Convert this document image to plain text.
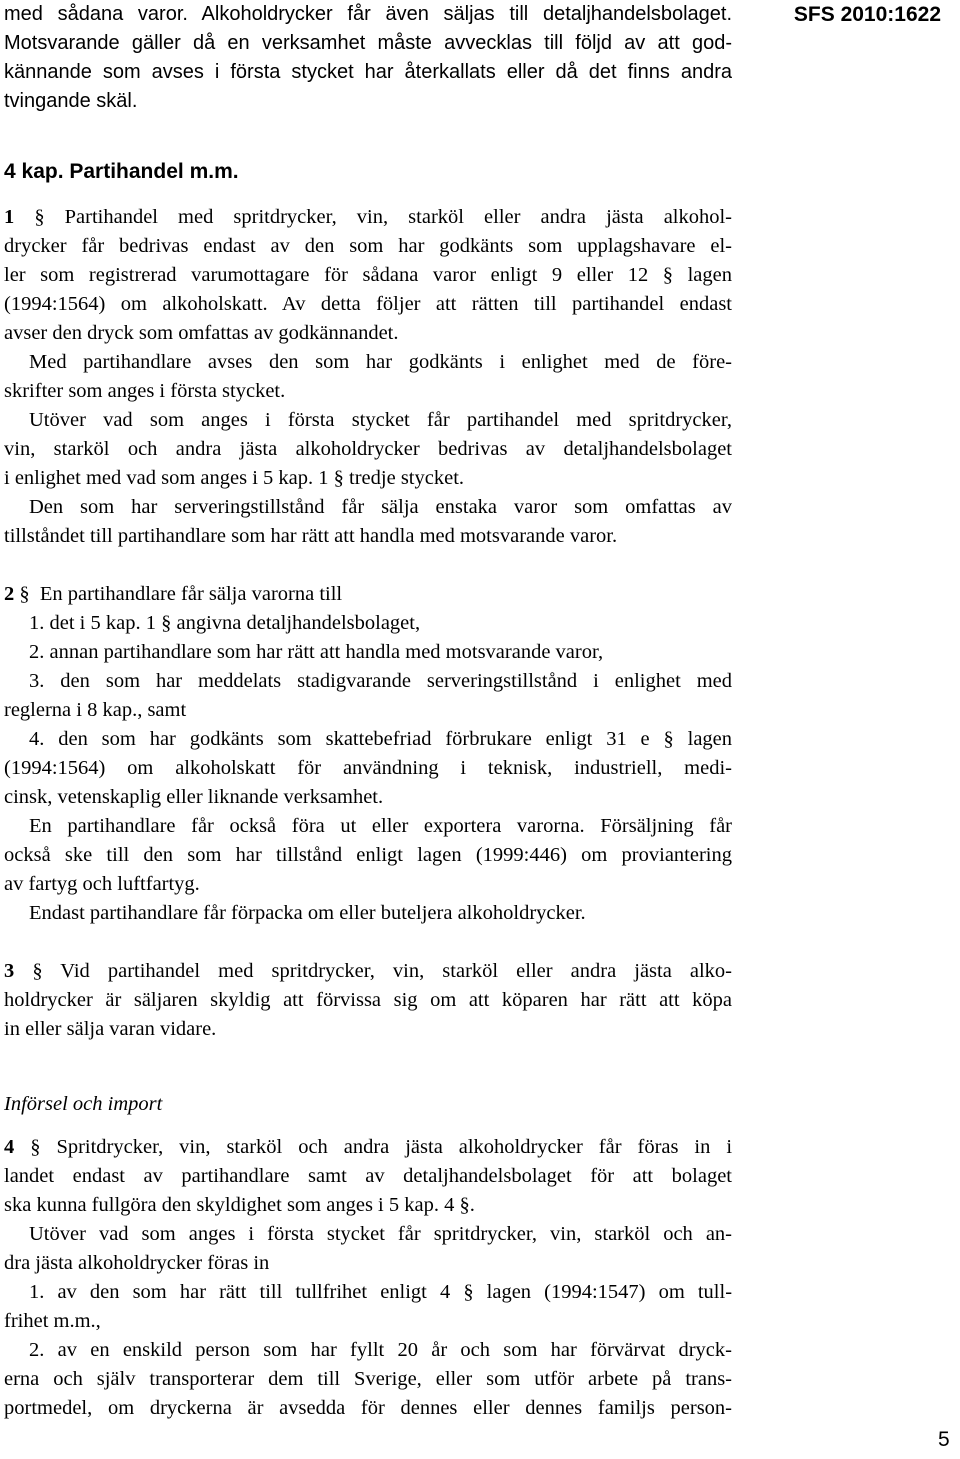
SFS 2010:1622
med sådana varor. Alkoholdrycker får även säljas till detaljhandelsbolaget.
Motsvarande gäller då en verksamhet måste avvecklas till följd av att god-
kännande som avses i första stycket har återkallats eller då det finns andra
tvingande skäl.
4 kap. Partihandel m.m.
1 § Partihandel med spritdrycker, vin, starköl eller andra jästa alkohol-
drycker får bedrivas endast av den som har godkänts som upplagshavare el-
ler som registrerad varumottagare för sådana varor enligt 9 eller 12 § lagen
(1994:1564) om alkoholskatt. Av detta följer att rätten till partihandel endast
avser den dryck som omfattas av godkännandet.
Med partihandlare avses den som har godkänts i enlighet med de före-
skrifter som anges i första stycket.
Utöver vad som anges i första stycket får partihandel med spritdrycker,
vin, starköl och andra jästa alkoholdrycker bedrivas av detaljhandelsbolaget
i enlighet med vad som anges i 5 kap. 1 § tredje stycket.
Den som har serveringstillstånd får sälja enstaka varor som omfattas av
tillståndet till partihandlare som har rätt att handla med motsvarande varor.
2 § En partihandlare får sälja varorna till
1. det i 5 kap. 1 § angivna detaljhandelsbolaget,
2. annan partihandlare som har rätt att handla med motsvarande varor,
3. den som har meddelats stadigvarande serveringstillstånd i enlighet med
reglerna i 8 kap., samt
4. den som har godkänts som skattebefriad förbrukare enligt 31 e § lagen
(1994:1564) om alkoholskatt för användning i teknisk, industriell, medi-
cinsk, vetenskaplig eller liknande verksamhet.
En partihandlare får också föra ut eller exportera varorna. Försäljning får
också ske till den som har tillstånd enligt lagen (1999:446) om proviantering
av fartyg och luftfartyg.
Endast partihandlare får förpacka om eller buteljera alkoholdrycker.
3 § Vid partihandel med spritdrycker, vin, starköl eller andra jästa alko-
holdrycker är säljaren skyldig att förvissa sig om att köparen har rätt att köpa
in eller sälja varan vidare.
Införsel och import
4 § Spritdrycker, vin, starköl och andra jästa alkoholdrycker får föras in i
landet endast av partihandlare samt av detaljhandelsbolaget för att bolaget
ska kunna fullgöra den skyldighet som anges i 5 kap. 4 §.
Utöver vad som anges i första stycket får spritdrycker, vin, starköl och an-
dra jästa alkoholdrycker föras in
1. av den som har rätt till tullfrihet enligt 4 § lagen (1994:1547) om tull-
frihet m.m.,
2. av en enskild person som har fyllt 20 år och som har förvärvat dryck-
erna och själv transporterar dem till Sverige, eller som utför arbete på trans-
portmedel, om dryckerna är avsedda för dennes eller dennes familjs person-
5
